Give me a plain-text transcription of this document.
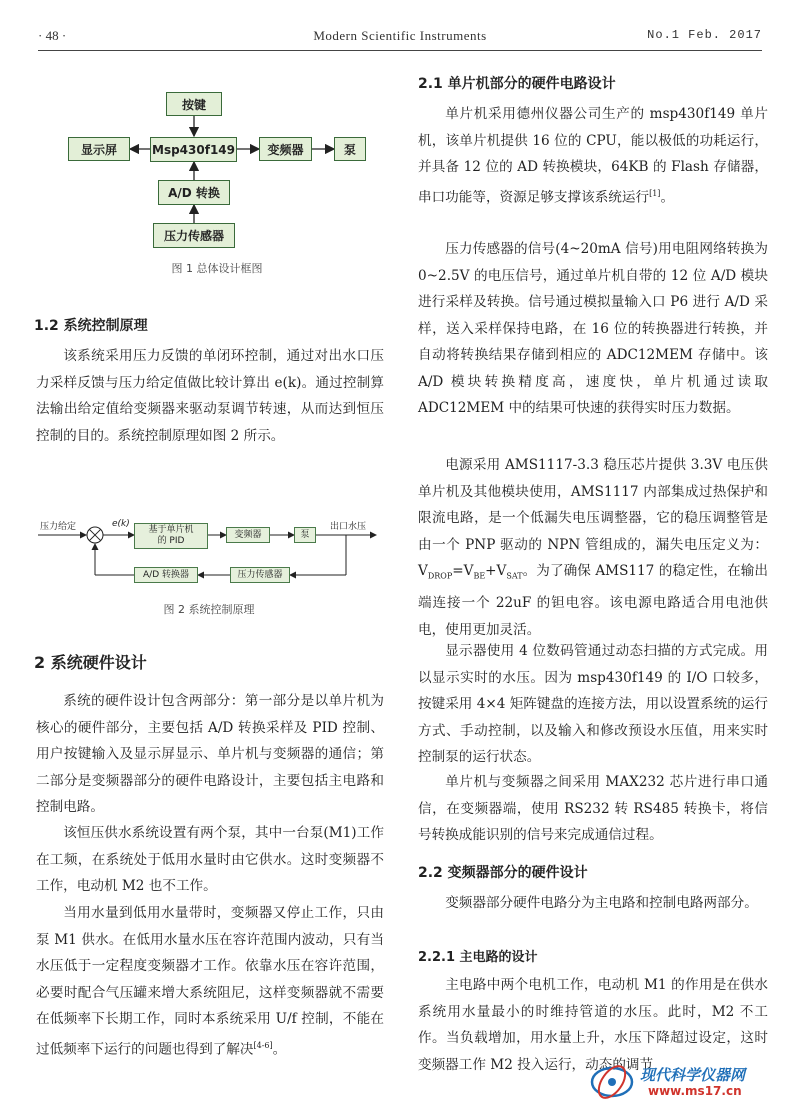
· 48 ·	Modern Scientific Instruments	No.1 Feb. 2017
按键
显示屏	Msp430f149	变频器	泵
A/D 转换
压力传感器
图 1 总体设计框图
1.2 系统控制原理

该系统采用压力反馈的单闭环控制，通过对出水口压力采样反馈与压力给定值做比较计算出 e(k)。通过控制算法输出给定值给变频器来驱动泵调节转速，从而达到恒压控制的目的。系统控制原理如图 2 所示。

压力给定	e(k)
基于单片机
的 PID
变频器	泵
出口水压
A/D 转换器	压力传感器
图 2 系统控制原理
2 系统硬件设计

系统的硬件设计包含两部分：第一部分是以单片机为核心的硬件部分，主要包括 A/D 转换采样及 PID 控制、用户按键输入及显示屏显示、单片机与变频器的通信；第二部分是变频器部分的硬件电路设计，主要包括主电路和控制电路。

该恒压供水系统设置有两个泵，其中一台泵(M1)工作在工频，在系统处于低用水量时由它供水。这时变频器不工作，电动机 M2 也不工作。

当用水量到低用水量带时，变频器又停止工作，只由泵 M1 供水。在低用水量水压在容许范围内波动，只有当水压低于一定程度变频器才工作。依靠水压在容许范围，必要时配合气压罐来增大系统阻尼，这样变频器就不需要在低频率下长期工作，同时本系统采用 U/f 控制，不能在过低频率下运行的问题也得到了解决[4-6]。

2.1 单片机部分的硬件电路设计

单片机采用德州仪器公司生产的 msp430f149 单片机，该单片机提供 16 位的 CPU，能以极低的功耗运行，并具备 12 位的 AD 转换模块，64KB 的 Flash 存储器，串口功能等，资源足够支撑该系统运行[1]。

压力传感器的信号(4~20mA 信号)用电阻网络转换为 0~2.5V 的电压信号，通过单片机自带的 12 位 A/D 模块进行采样及转换。信号通过模拟量输入口 P6 进行 A/D 采样，送入采样保持电路，在 16 位的转换器进行转换，并自动将转换结果存储到相应的 ADC12MEM 存储中。该 A/D 模块转换精度高，速度快，单片机通过读取 ADC12MEM 中的结果可快速的获得实时压力数据。

电源采用 AMS1117-3.3 稳压芯片提供 3.3V 电压供单片机及其他模块使用，AMS1117 内部集成过热保护和限流电路，是一个低漏失电压调整器，它的稳压调整管是由一个 PNP 驱动的 NPN 管组成的，漏失电压定义为：$V_{DROP}=V_{BE}+V_{SAT}$。为了确保 AMS117 的稳定性，在输出端连接一个 22uF 的钽电容。该电源电路适合用电池供电，使用更加灵活。

显示器使用 4 位数码管通过动态扫描的方式完成。用以显示实时的水压。因为 msp430f149 的 I/O 口较多，按键采用 4×4 矩阵键盘的连接方法，用以设置系统的运行方式、手动控制，以及输入和修改预设水压值，用来实时控制泵的运行状态。

单片机与变频器之间采用 MAX232 芯片进行串口通信，在变频器端，使用 RS232 转 RS485 转换卡，将信号转换成能识别的信号来完成通信过程。

2.2 变频器部分的硬件设计

变频器部分硬件电路分为主电路和控制电路两部分。

2.2.1 主电路的设计

主电路中两个电机工作，电动机 M1 的作用是在供水系统用水量最小的时维持管道的水压。此时，M2 不工作。当负载增加，用水量上升，水压下降超过设定，这时变频器工作 M2 投入运行，动态的调节

现代科学仪器网
www.ms17.cn
